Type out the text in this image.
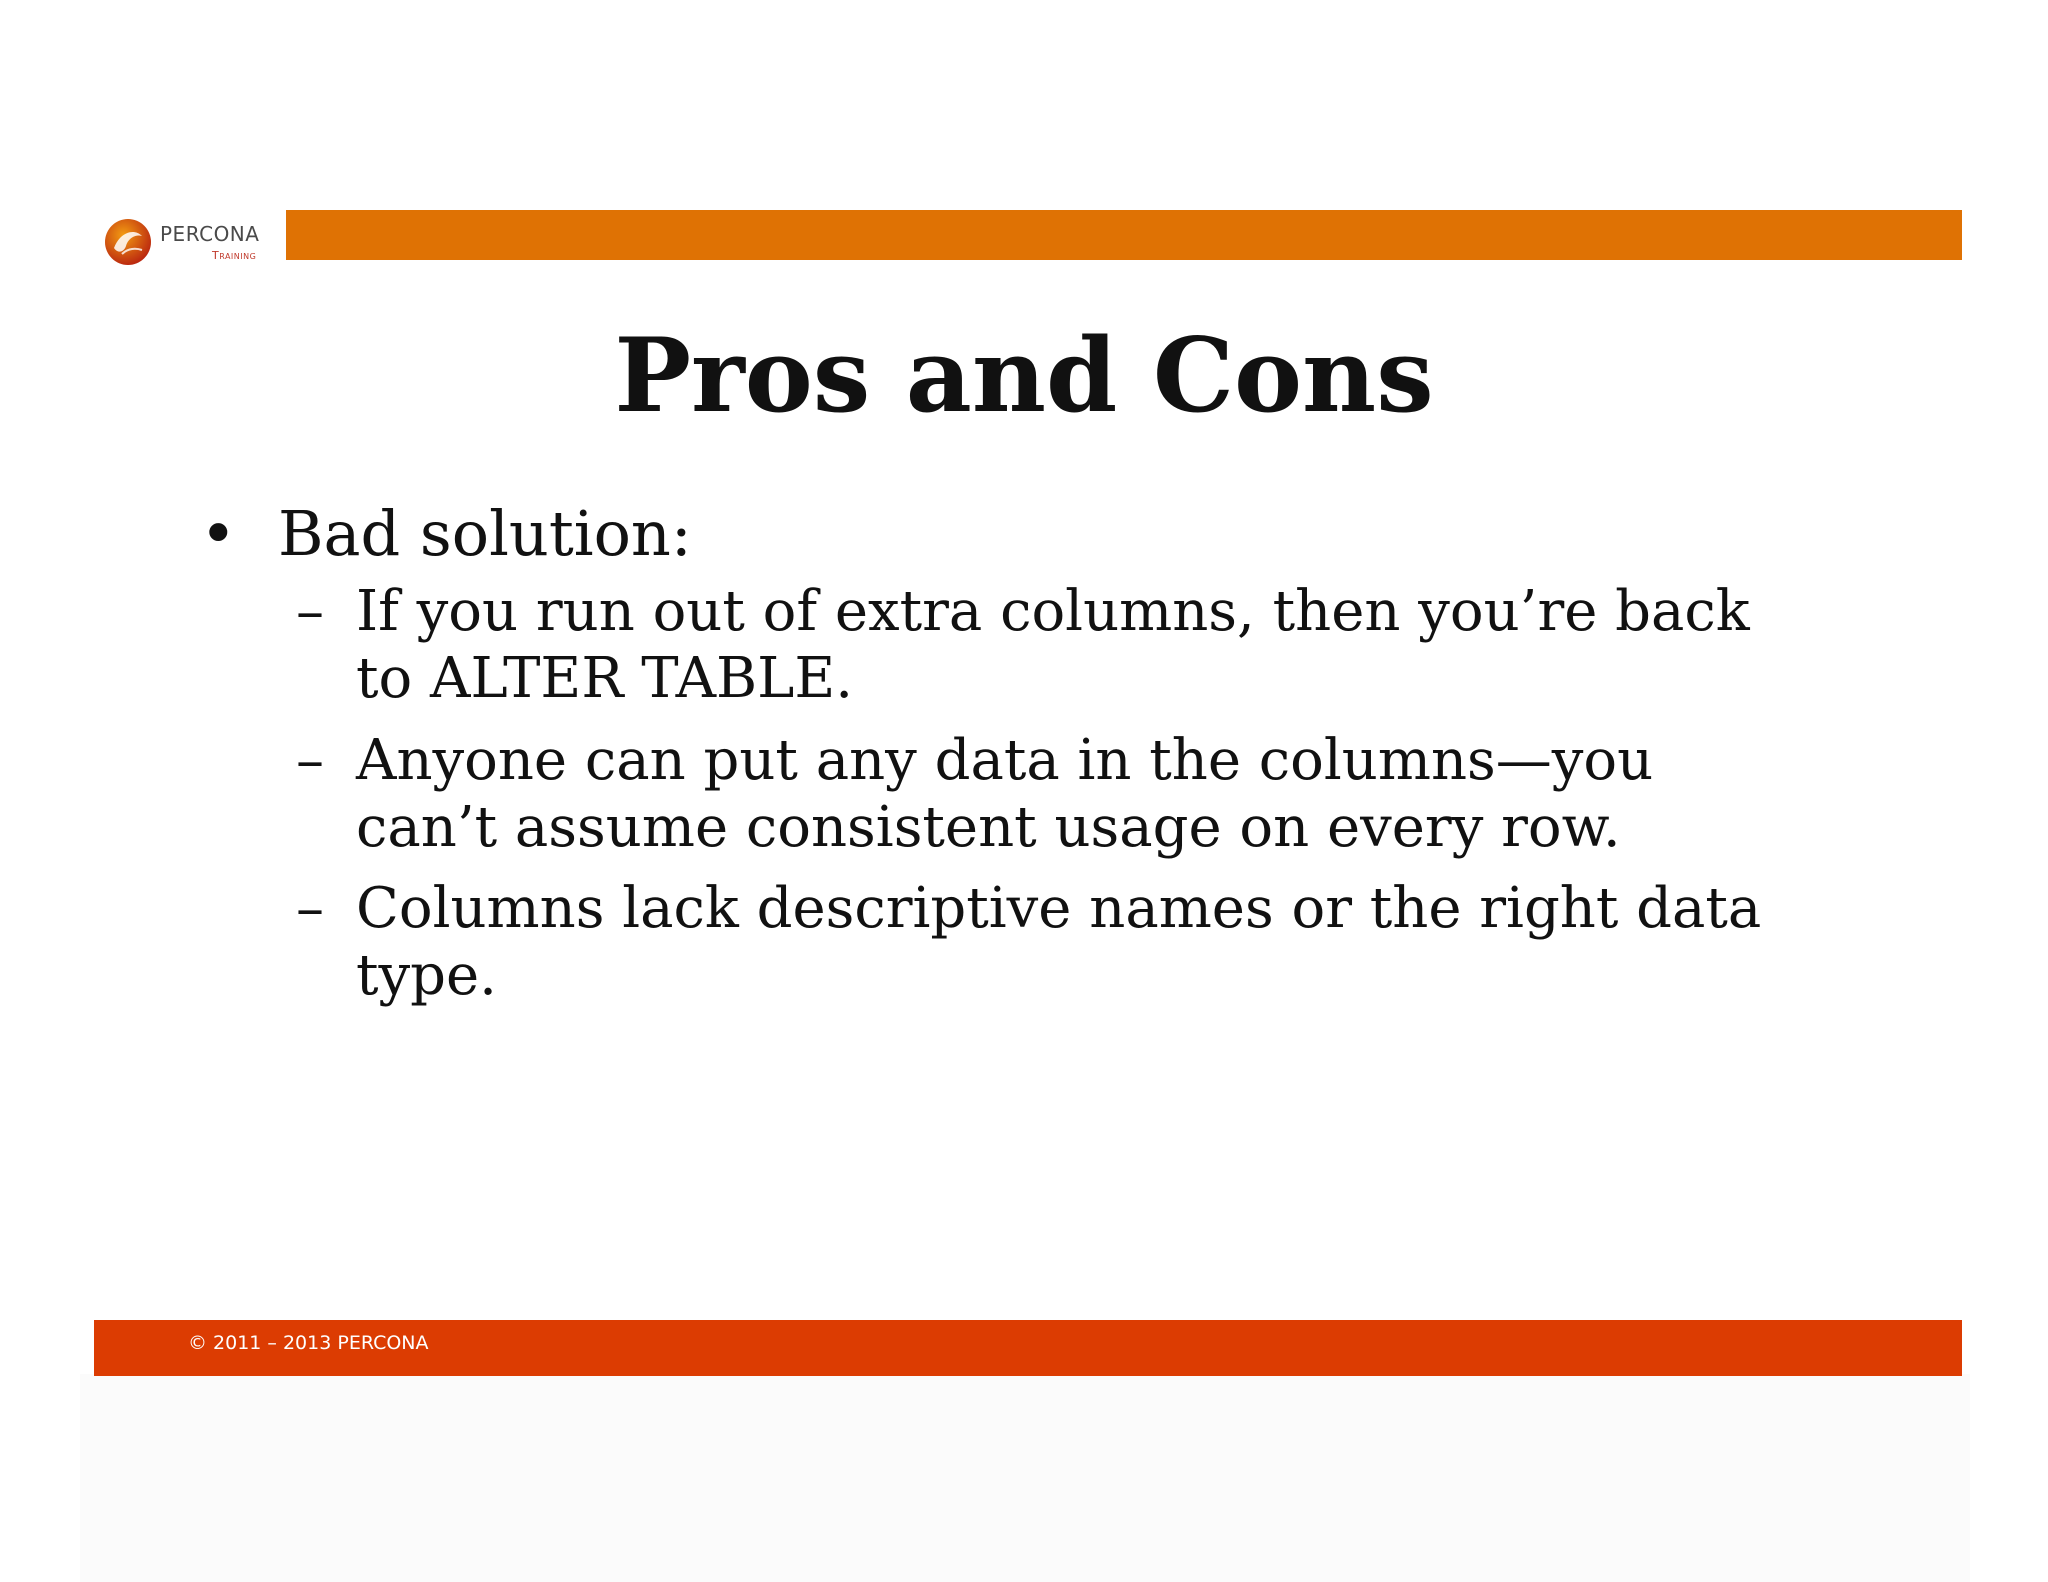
PERCONA
Training
Pros and Cons
• Bad solution:
– If you run out of extra columns, then you’re back to ALTER TABLE.
– Anyone can put any data in the columns—you can’t assume consistent usage on every row.
– Columns lack descriptive names or the right data type.
© 2011 – 2013 PERCONA
